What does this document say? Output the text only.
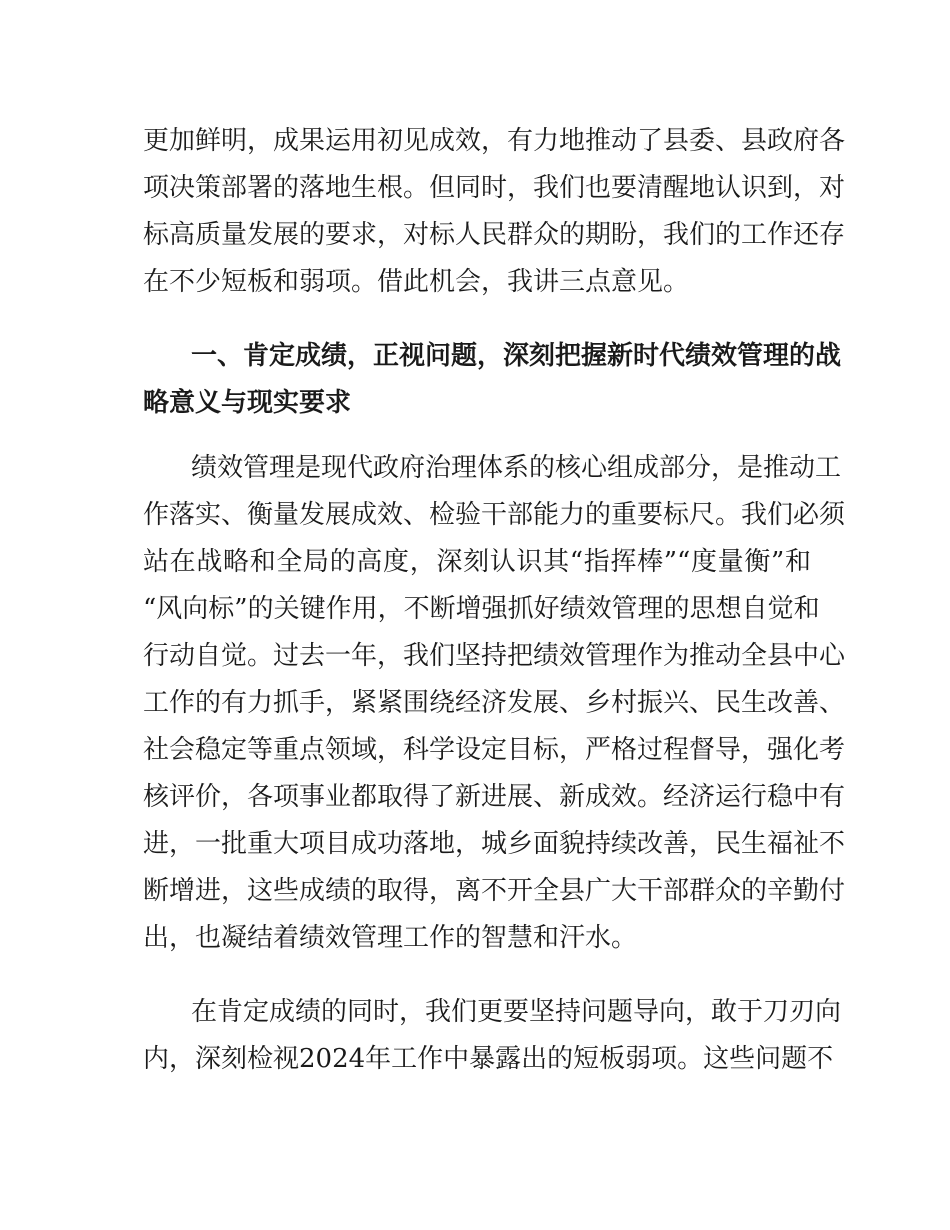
更加鲜明，成果运用初见成效，有力地推动了县委、县政府各
项决策部署的落地生根。但同时，我们也要清醒地认识到，对
标高质量发展的要求，对标人民群众的期盼，我们的工作还存
在不少短板和弱项。借此机会，我讲三点意见。
一、肯定成绩，正视问题，深刻把握新时代绩效管理的战
略意义与现实要求
绩效管理是现代政府治理体系的核心组成部分，是推动工
作落实、衡量发展成效、检验干部能力的重要标尺。我们必须
站在战略和全局的高度，深刻认识其“指挥棒”“度量衡”和
“风向标”的关键作用，不断增强抓好绩效管理的思想自觉和
行动自觉。过去一年，我们坚持把绩效管理作为推动全县中心
工作的有力抓手，紧紧围绕经济发展、乡村振兴、民生改善、
社会稳定等重点领域，科学设定目标，严格过程督导，强化考
核评价，各项事业都取得了新进展、新成效。经济运行稳中有
进，一批重大项目成功落地，城乡面貌持续改善，民生福祉不
断增进，这些成绩的取得，离不开全县广大干部群众的辛勤付
出，也凝结着绩效管理工作的智慧和汗水。
在肯定成绩的同时，我们更要坚持问题导向，敢于刀刃向
内，深刻检视2024年工作中暴露出的短板弱项。这些问题不
